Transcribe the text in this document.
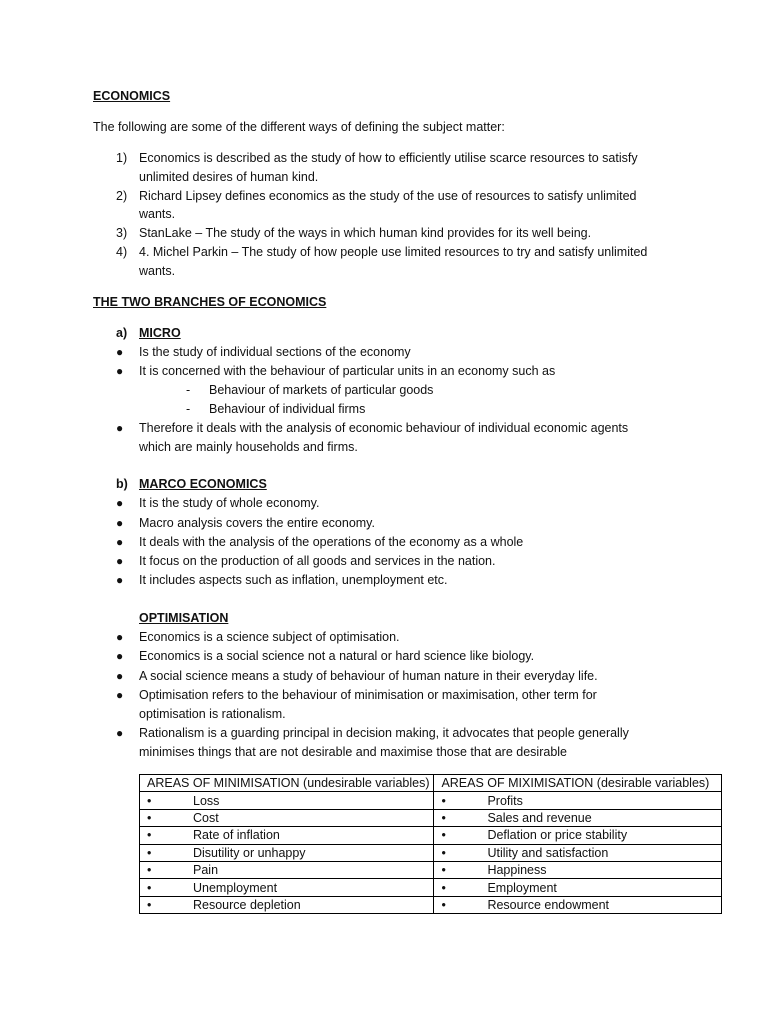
ECONOMICS
The following are some of the different ways of defining the subject matter:
1) Economics is described as the study of how to efficiently utilise scarce resources to satisfy
unlimited desires of human kind.
2) Richard Lipsey defines economics as the study of the use of resources to satisfy unlimited
wants.
3) StanLake – The study of the ways in which human kind provides for its well being.
4) 4. Michel Parkin – The study of how people use limited resources to try and satisfy unlimited
wants.
THE TWO BRANCHES OF ECONOMICS
a) MICRO
● Is the study of individual sections of the economy
● It is concerned with the behaviour of particular units in an economy such as
- Behaviour of markets of particular goods
- Behaviour of individual firms
● Therefore it deals with the analysis of economic behaviour of individual economic agents
which are mainly households and firms.
b) MARCO ECONOMICS
● It is the study of whole economy.
● Macro analysis covers the entire economy.
● It deals with the analysis of the operations of the economy as a whole
● It focus on the production of all goods and services in the nation.
● It includes aspects such as inflation, unemployment etc.
OPTIMISATION
● Economics is a science subject of optimisation.
● Economics is a social science not a natural or hard science like biology.
● A social science means a study of behaviour of human nature in their everyday life.
● Optimisation refers to the behaviour of minimisation or maximisation, other term for
optimisation is rationalism.
● Rationalism is a guarding principal in decision making, it advocates that people generally
minimises things that are not desirable and maximise those that are desirable
AREAS OF MINIMISATION (undesirable variables)	AREAS OF MIXIMISATION (desirable variables)
• Loss	• Profits
• Cost	• Sales and revenue
• Rate of inflation	• Deflation or price stability
• Disutility or unhappy	• Utility and satisfaction
• Pain	• Happiness
• Unemployment	• Employment
• Resource depletion	• Resource endowment
